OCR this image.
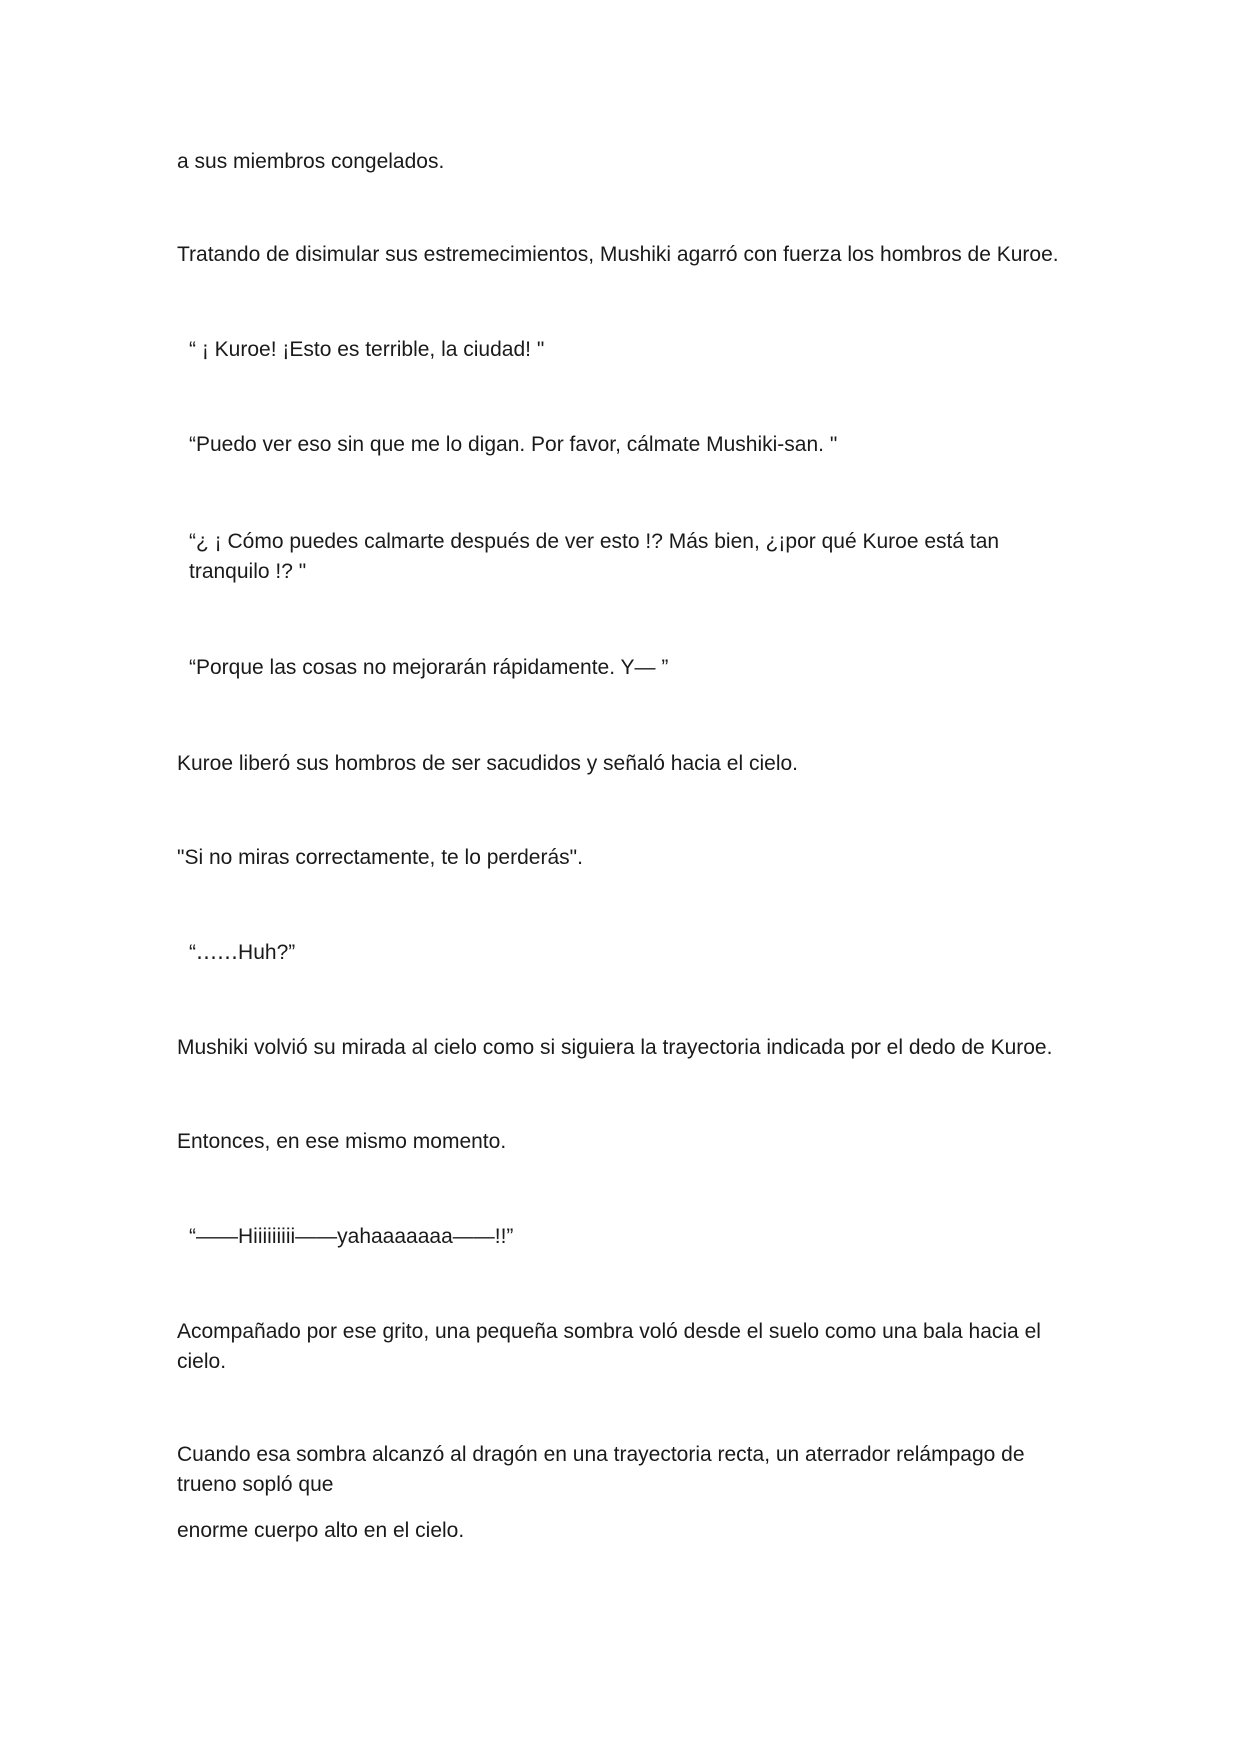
a sus miembros congelados.

Tratando de disimular sus estremecimientos, Mushiki agarró con fuerza los hombros de Kuroe.

“ ¡ Kuroe! ¡Esto es terrible, la ciudad! "

“Puedo ver eso sin que me lo digan. Por favor, cálmate Mushiki-san. "

“¿ ¡ Cómo puedes calmarte después de ver esto !? Más bien, ¿¡por qué Kuroe está tan tranquilo !? "

“Porque las cosas no mejorarán rápidamente. Y— ”

Kuroe liberó sus hombros de ser sacudidos y señaló hacia el cielo.

"Si no miras correctamente, te lo perderás".

“‥‥‥Huh?”

Mushiki volvió su mirada al cielo como si siguiera la trayectoria indicada por el dedo de Kuroe.

Entonces, en ese mismo momento.

“——Hiiiiiiiii——yahaaaaaaa——!!”

Acompañado por ese grito, una pequeña sombra voló desde el suelo como una bala hacia el cielo.

Cuando esa sombra alcanzó al dragón en una trayectoria recta, un aterrador relámpago de trueno sopló que

enorme cuerpo alto en el cielo.
